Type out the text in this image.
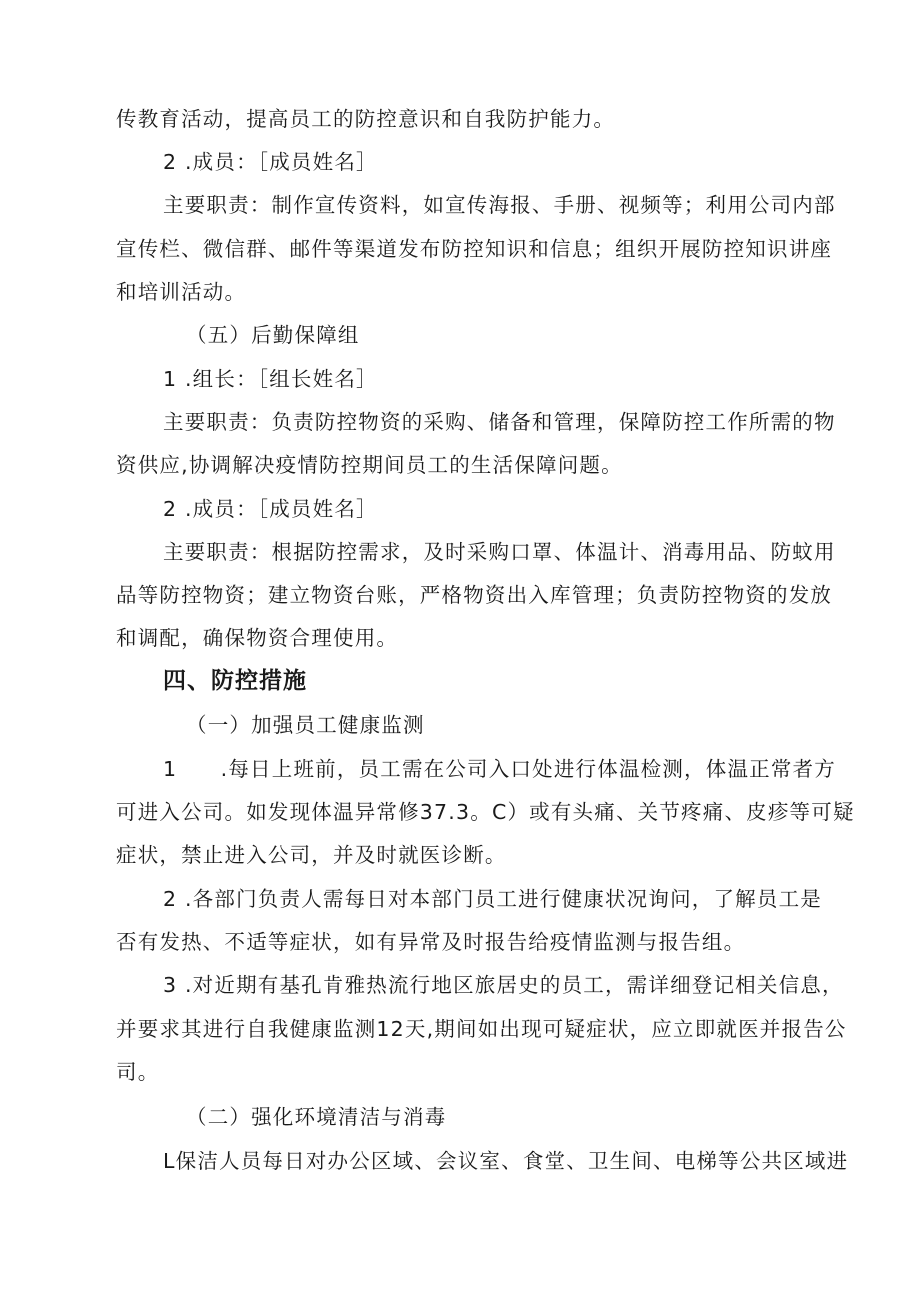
传教育活动，提高员工的防控意识和自我防护能力。
2 .成员：［成员姓名］
主要职责：制作宣传资料，如宣传海报、手册、视频等；利用公司内部
宣传栏、微信群、邮件等渠道发布防控知识和信息；组织开展防控知识讲座
和培训活动。
（五）后勤保障组
1 .组长：［组长姓名］
主要职责：负责防控物资的采购、储备和管理，保障防控工作所需的物
资供应,协调解决疫情防控期间员工的生活保障问题。
2 .成员：［成员姓名］
主要职责：根据防控需求，及时采购口罩、体温计、消毒用品、防蚊用
品等防控物资；建立物资台账，严格物资出入库管理；负责防控物资的发放
和调配，确保物资合理使用。
四、防控措施
（一）加强员工健康监测
1　　.每日上班前，员工需在公司入口处进行体温检测，体温正常者方
可进入公司。如发现体温异常修37.3。C）或有头痛、关节疼痛、皮疹等可疑
症状，禁止进入公司，并及时就医诊断。
2 .各部门负责人需每日对本部门员工进行健康状况询问，了解员工是
否有发热、不适等症状，如有异常及时报告给疫情监测与报告组。
3 .对近期有基孔肯雅热流行地区旅居史的员工，需详细登记相关信息，
并要求其进行自我健康监测12天,期间如出现可疑症状，应立即就医并报告公
司。
（二）强化环境清洁与消毒
L保洁人员每日对办公区域、会议室、食堂、卫生间、电梯等公共区域进
